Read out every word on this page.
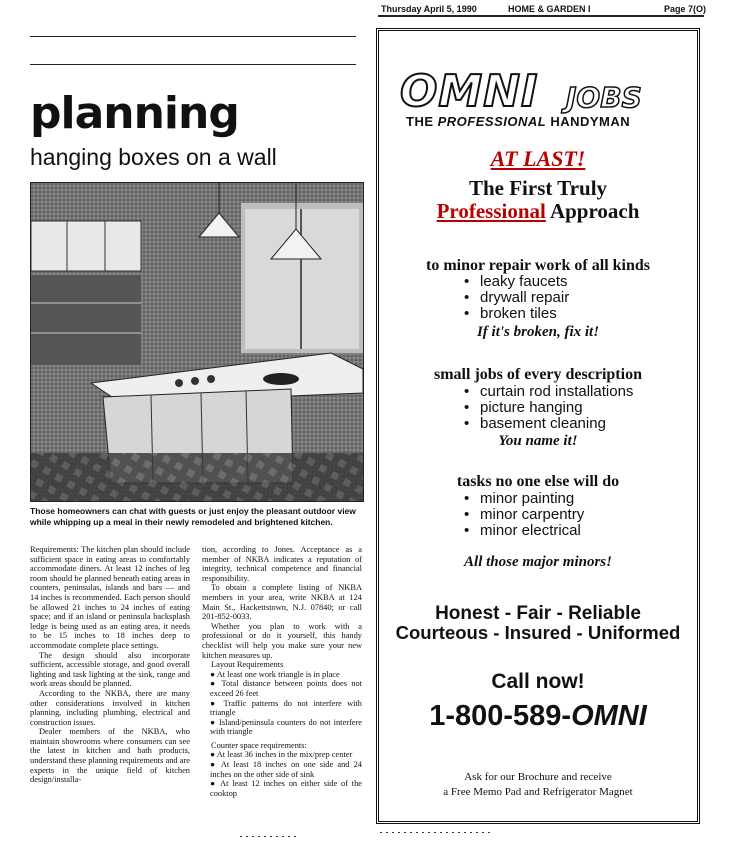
Thursday April 5, 1990	HOME & GARDEN I	Page 7(O)
planning
hanging boxes on a wall
Those homeowners can chat with guests or just enjoy the pleasant outdoor view while whipping up a meal in their newly remodeled and brightened kitchen.

Requirements: The kitchen plan should include sufficient space in eating areas to comfortably accommodate diners. At least 12 inches of leg room should be planned beneath eating areas in counters, peninsulas, islands and bars — and 14 inches is recommended. Each person should be allowed 21 inches to 24 inches of eating space; and if an island or peninsula backsplash ledge is being used as an eating area, it needs to be 15 inches to 18 inches deep to accommodate complete place settings.

The design should also incorporate sufficient, accessible storage, and good overall lighting and task lighting at the sink, range and work areas should be planned.

According to the NKBA, there are many other considerations involved in kitchen planning, including plumbing, electrical and construction issues.

Dealer members of the NKBA, who maintain showrooms where consumers can see the latest in kitchen and bath products, understand these planning requirements and are experts in the unique field of kitchen design/installa-

tion, according to Jones. Acceptance as a member of NKBA indicates a reputation of integrity, technical competence and financial responsibility.

To obtain a complete listing of NKBA members in your area, write NKBA at 124 Main St., Hackettstown, N.J. 07840; or call 201-852-0033.

Whether you plan to work with a professional or do it yourself, this handy checklist will help you make sure your new kitchen measures up.

Layout Requirements

● At least one work triangle is in place

● Total distance between points does not exceed 26 feet

● Traffic patterns do not interfere with triangle

● Island/peninsula counters do not interfere with triangle

Counter space requirements:

● At least 36 inches in the mix/prep center

● At least 18 inches on one side and 24 inches on the other side of sink

● At least 12 inches on either side of the cooktop

OMNI JOBS
THE PROFESSIONAL HANDYMAN
AT LAST!
The First Truly
Professional Approach
to minor repair work of all kinds
• leaky faucets
• drywall repair
• broken tiles
If it's broken, fix it!
small jobs of every description
• curtain rod installations
• picture hanging
• basement cleaning
You name it!
tasks no one else will do
• minor painting
• minor carpentry
• minor electrical
All those major minors!
Honest - Fair - Reliable
Courteous - Insured - Uniformed
Call now!
1-800-589-OMNI
Ask for our Brochure and receive
a Free Memo Pad and Refrigerator Magnet
